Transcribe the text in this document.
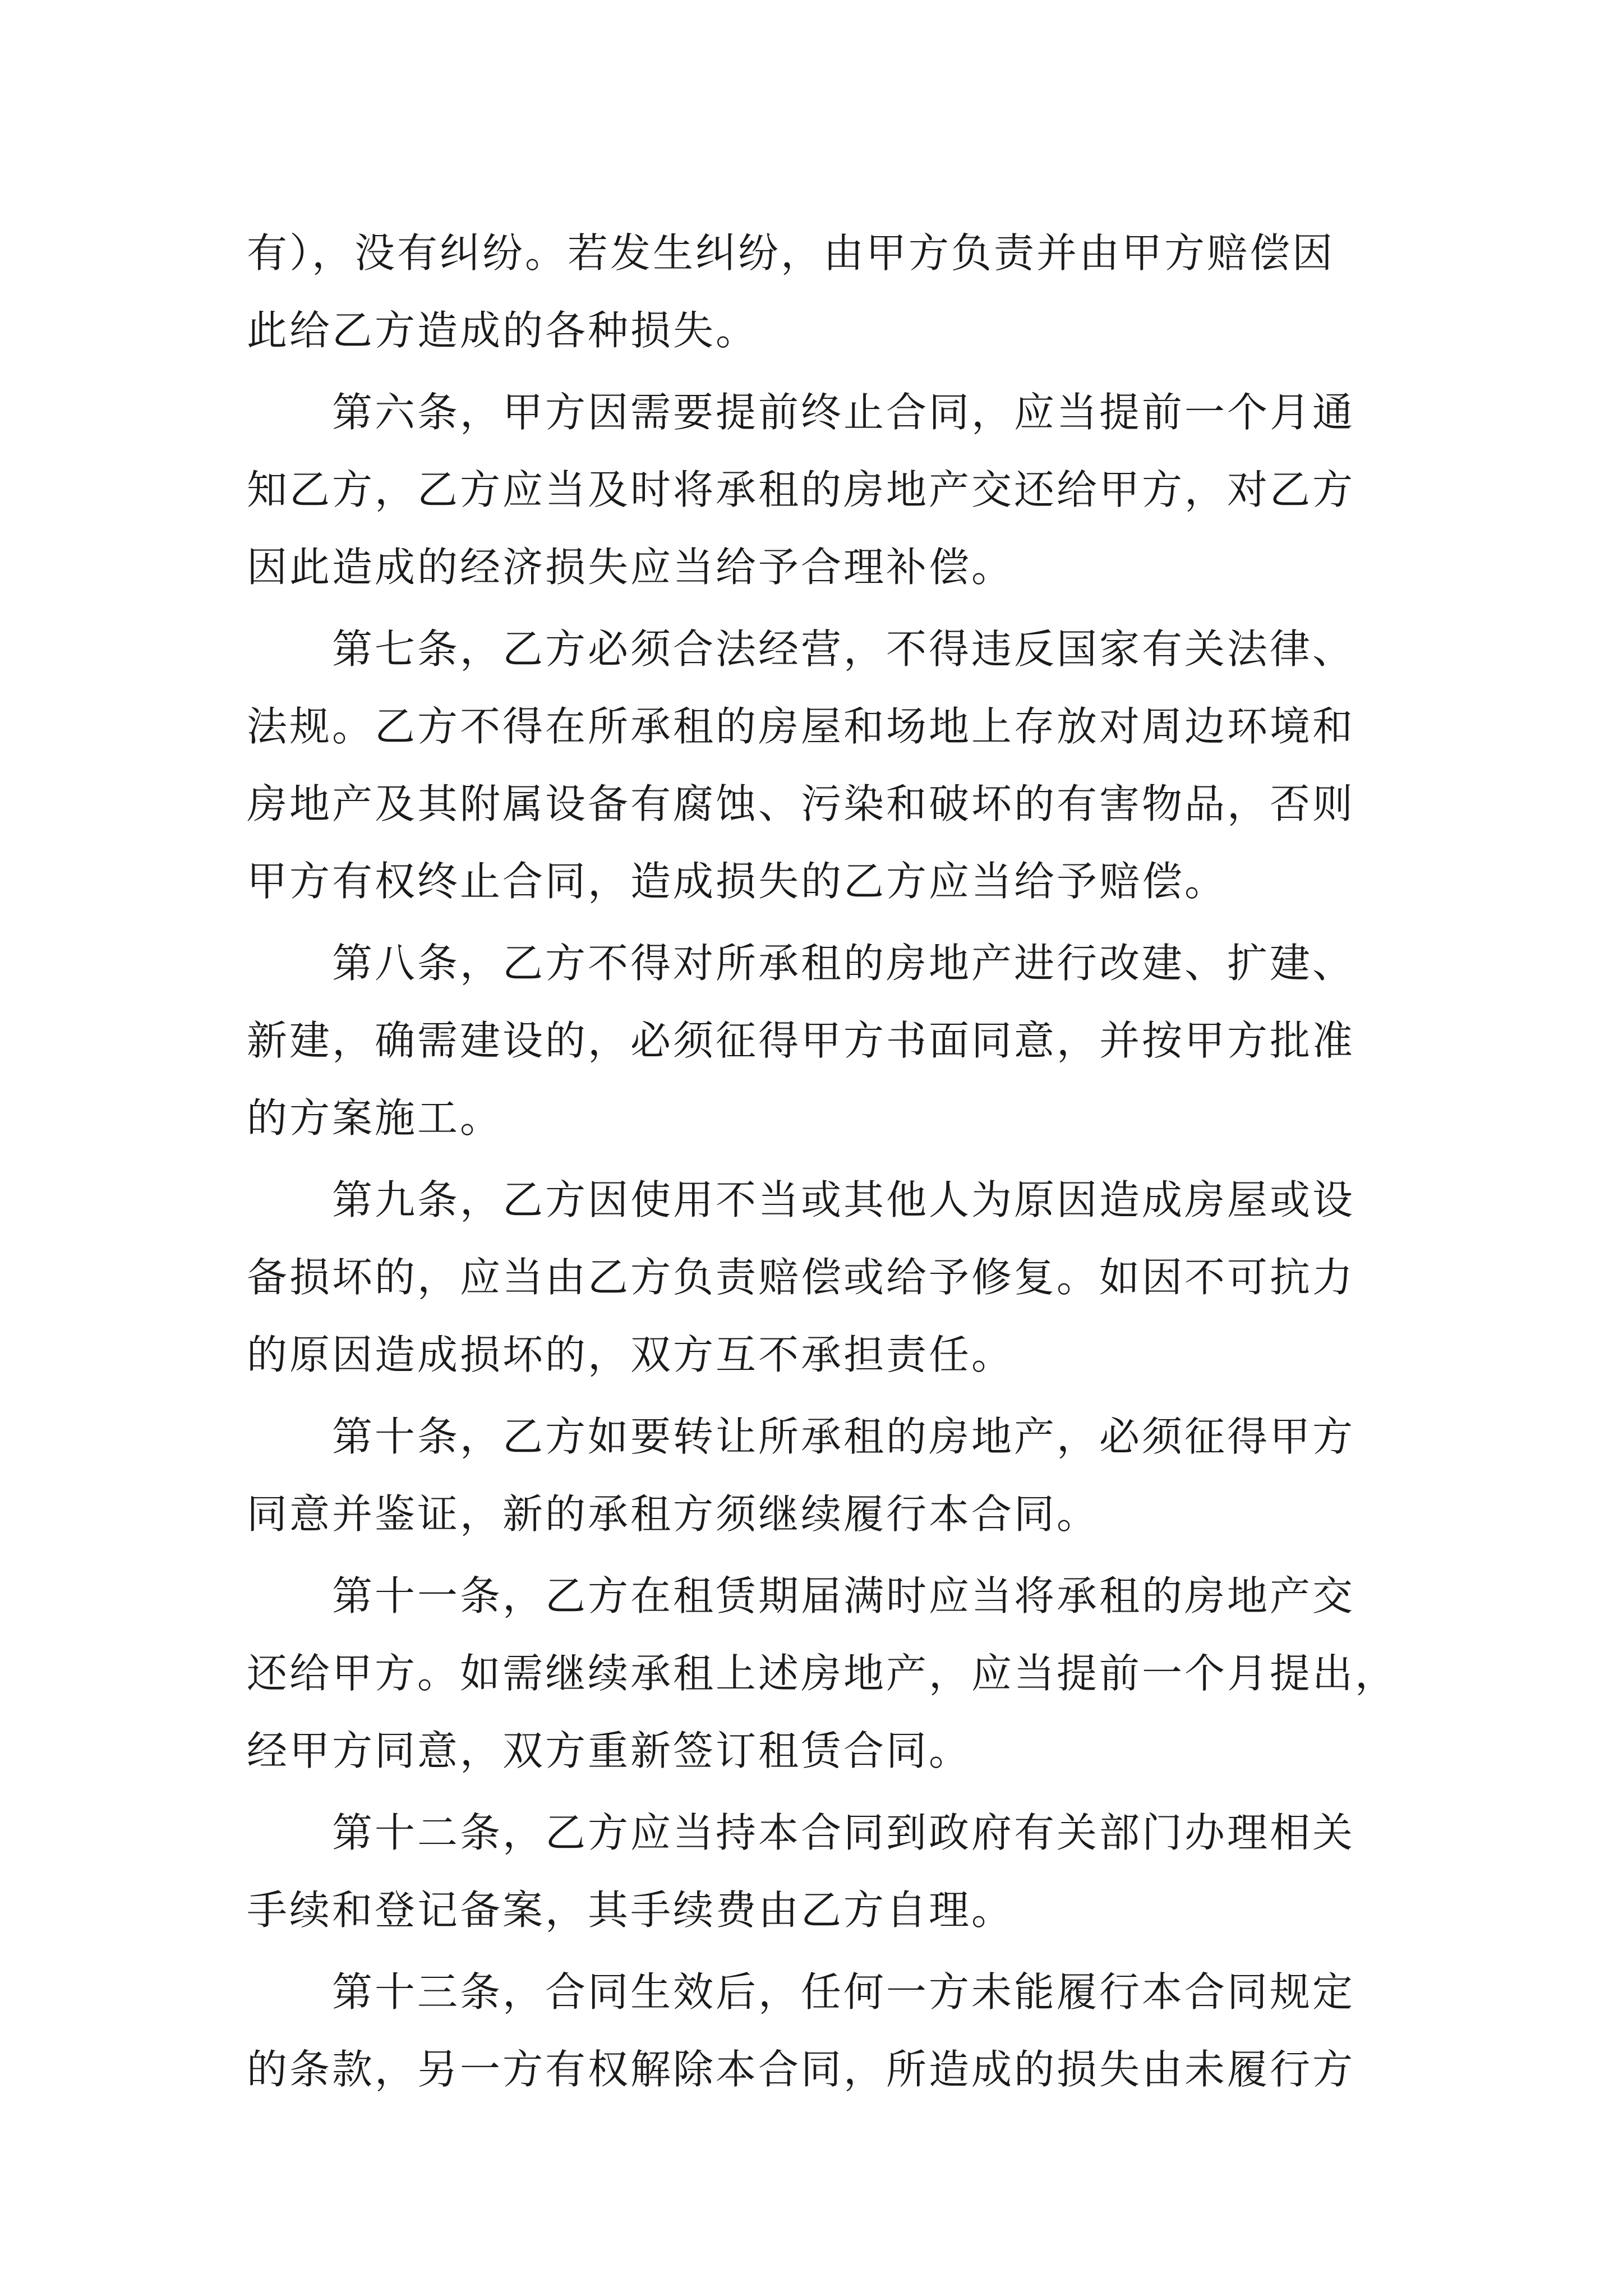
有），没有纠纷。若发生纠纷，由甲方负责并由甲方赔偿因
此给乙方造成的各种损失。
　　第六条，甲方因需要提前终止合同，应当提前一个月通
知乙方，乙方应当及时将承租的房地产交还给甲方，对乙方
因此造成的经济损失应当给予合理补偿。
　　第七条，乙方必须合法经营，不得违反国家有关法律、
法规。乙方不得在所承租的房屋和场地上存放对周边环境和
房地产及其附属设备有腐蚀、污染和破坏的有害物品，否则
甲方有权终止合同，造成损失的乙方应当给予赔偿。
　　第八条，乙方不得对所承租的房地产进行改建、扩建、
新建，确需建设的，必须征得甲方书面同意，并按甲方批准
的方案施工。
　　第九条，乙方因使用不当或其他人为原因造成房屋或设
备损坏的，应当由乙方负责赔偿或给予修复。如因不可抗力
的原因造成损坏的，双方互不承担责任。
　　第十条，乙方如要转让所承租的房地产，必须征得甲方
同意并鉴证，新的承租方须继续履行本合同。
　　第十一条，乙方在租赁期届满时应当将承租的房地产交
还给甲方。如需继续承租上述房地产，应当提前一个月提出，
经甲方同意，双方重新签订租赁合同。
　　第十二条，乙方应当持本合同到政府有关部门办理相关
手续和登记备案，其手续费由乙方自理。
　　第十三条，合同生效后，任何一方未能履行本合同规定
的条款，另一方有权解除本合同，所造成的损失由未履行方
